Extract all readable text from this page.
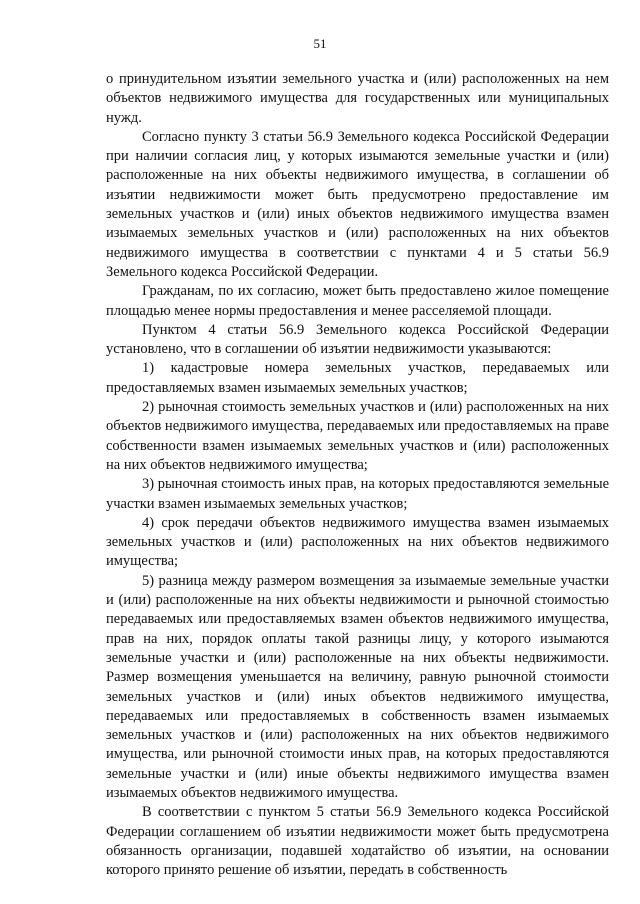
51

о принудительном изъятии земельного участка и (или) расположенных на нем объектов недвижимого имущества для государственных или муниципальных нужд.

Согласно пункту 3 статьи 56.9 Земельного кодекса Российской Федерации при наличии согласия лиц, у которых изымаются земельные участки и (или) расположенные на них объекты недвижимого имущества, в соглашении об изъятии недвижимости может быть предусмотрено предоставление им земельных участков и (или) иных объектов недвижимого имущества взамен изымаемых земельных участков и (или) расположенных на них объектов недвижимого имущества в соответствии с пунктами 4 и 5 статьи 56.9 Земельного кодекса Российской Федерации.

Гражданам, по их согласию, может быть предоставлено жилое помещение площадью менее нормы предоставления и менее расселяемой площади.

Пунктом 4 статьи 56.9 Земельного кодекса Российской Федерации установлено, что в соглашении об изъятии недвижимости указываются:

1) кадастровые номера земельных участков, передаваемых или предоставляемых взамен изымаемых земельных участков;

2) рыночная стоимость земельных участков и (или) расположенных на них объектов недвижимого имущества, передаваемых или предоставляемых на праве собственности взамен изымаемых земельных участков и (или) расположенных на них объектов недвижимого имущества;

3) рыночная стоимость иных прав, на которых предоставляются земельные участки взамен изымаемых земельных участков;

4) срок передачи объектов недвижимого имущества взамен изымаемых земельных участков и (или) расположенных на них объектов недвижимого имущества;

5) разница между размером возмещения за изымаемые земельные участки и (или) расположенные на них объекты недвижимости и рыночной стоимостью передаваемых или предоставляемых взамен объектов недвижимого имущества, прав на них, порядок оплаты такой разницы лицу, у которого изымаются земельные участки и (или) расположенные на них объекты недвижимости. Размер возмещения уменьшается на величину, равную рыночной стоимости земельных участков и (или) иных объектов недвижимого имущества, передаваемых или предоставляемых в собственность взамен изымаемых земельных участков и (или) расположенных на них объектов недвижимого имущества, или рыночной стоимости иных прав, на которых предоставляются земельные участки и (или) иные объекты недвижимого имущества взамен изымаемых объектов недвижимого имущества.

В соответствии с пунктом 5 статьи 56.9 Земельного кодекса Российской Федерации соглашением об изъятии недвижимости может быть предусмотрена обязанность организации, подавшей ходатайство об изъятии, на основании которого принято решение об изъятии, передать в собственность
